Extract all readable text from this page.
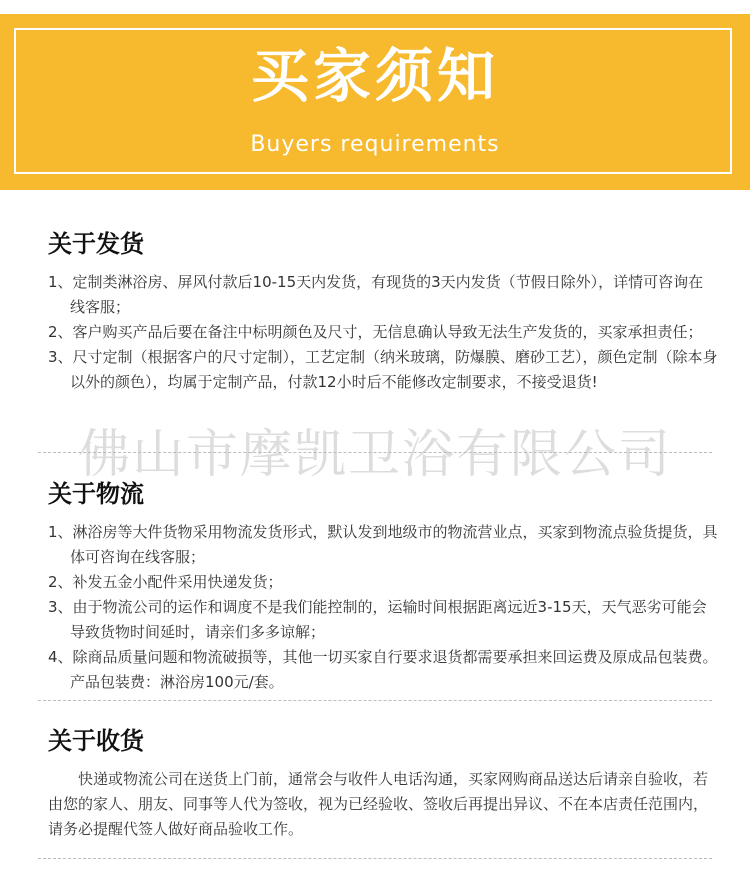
买家须知
Buyers requirements
关于发货

1、定制类淋浴房、屏风付款后10-15天内发货，有现货的3天内发货（节假日除外），详情可咨询在线客服；

2、客户购买产品后要在备注中标明颜色及尺寸，无信息确认导致无法生产发货的，买家承担责任；

3、尺寸定制（根据客户的尺寸定制），工艺定制（纳米玻璃，防爆膜、磨砂工艺），颜色定制（除本身以外的颜色），均属于定制产品，付款12小时后不能修改定制要求，不接受退货!

关于物流

1、淋浴房等大件货物采用物流发货形式，默认发到地级市的物流营业点，买家到物流点验货提货，具体可咨询在线客服；

2、补发五金小配件采用快递发货；

3、由于物流公司的运作和调度不是我们能控制的，运输时间根据距离远近3-15天，天气恶劣可能会导致货物时间延时，请亲们多多谅解；

4、除商品质量问题和物流破损等，其他一切买家自行要求退货都需要承担来回运费及原成品包装费。产品包装费：淋浴房100元/套。

关于收货

快递或物流公司在送货上门前，通常会与收件人电话沟通，买家网购商品送达后请亲自验收，若由您的家人、朋友、同事等人代为签收，视为已经验收、签收后再提出异议、不在本店责任范围内，请务必提醒代签人做好商品验收工作。

佛山市摩凯卫浴有限公司
